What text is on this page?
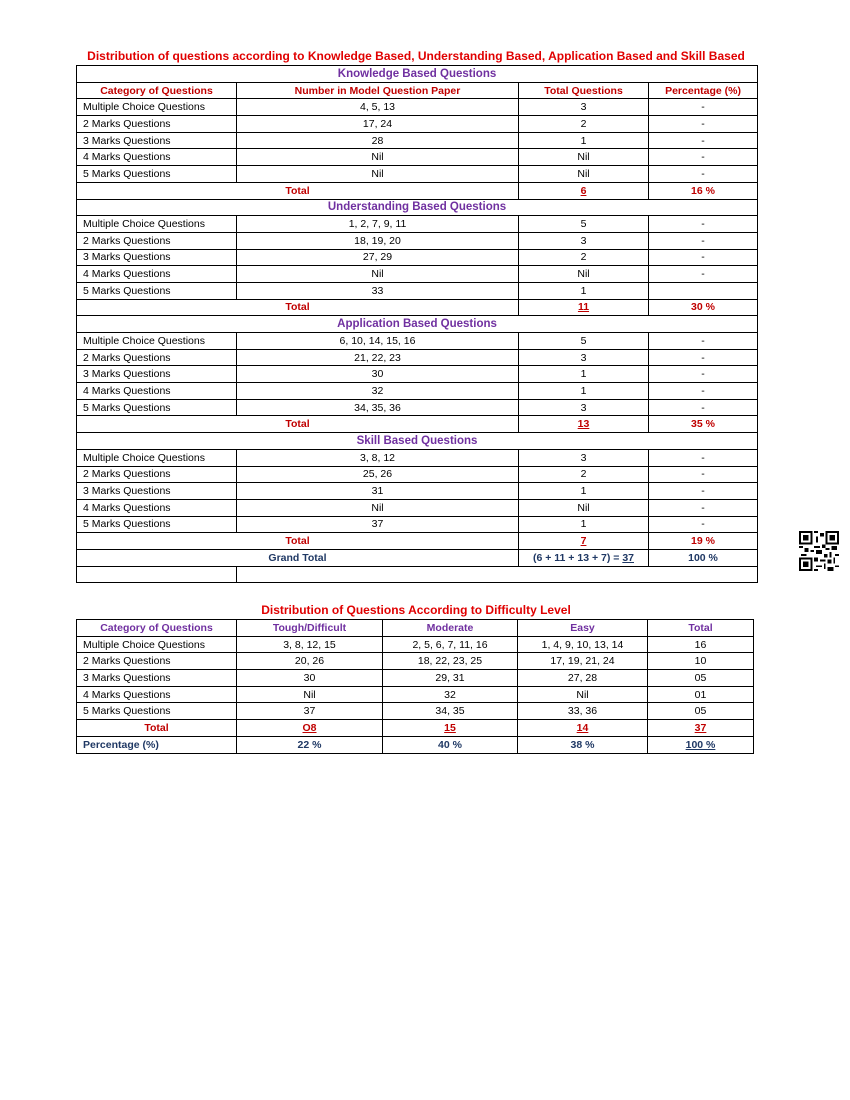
Distribution of questions according to Knowledge Based, Understanding Based, Application Based and Skill Based
Knowledge Based Questions			
Category of Questions	Number in Model Question Paper	Total Questions	Percentage (%)
Multiple Choice Questions	4, 5, 13	3	-
2 Marks Questions	17, 24	2	-
3 Marks Questions	28	1	-
4 Marks Questions	Nil	Nil	-
5 Marks Questions	Nil	Nil	-
Total		6	16 %
Understanding Based Questions			
Multiple Choice Questions	1, 2, 7, 9, 11	5	-
2 Marks Questions	18, 19, 20	3	-
3 Marks Questions	27, 29	2	-
4 Marks Questions	Nil	Nil	-
5 Marks Questions	33	1	
Total		11	30 %
Application Based Questions			
Multiple Choice Questions	6, 10, 14, 15, 16	5	-
2 Marks Questions	21, 22, 23	3	-
3 Marks Questions	30	1	-
4 Marks Questions	32	1	-
5 Marks Questions	34, 35, 36	3	-
Total		13	35 %
Skill Based Questions			
Multiple Choice Questions	3, 8, 12	3	-
2 Marks Questions	25, 26	2	-
3 Marks Questions	31	1	-
4 Marks Questions	Nil	Nil	-
5 Marks Questions	37	1	-
Total		7	19 %
Grand Total		(6 + 11 + 13 + 7) = 37	100 %

Distribution of Questions According to Difficulty Level
Category of Questions	Tough/Difficult	Moderate	Easy	Total
Multiple Choice Questions	3, 8, 12, 15	2, 5, 6, 7, 11, 16	1, 4, 9, 10, 13, 14	16
2 Marks Questions	20, 26	18, 22, 23, 25	17, 19, 21, 24	10
3 Marks Questions	30	29, 31	27, 28	05
4 Marks Questions	Nil	32	Nil	01
5 Marks Questions	37	34, 35	33, 36	05
Total	O8	15	14	37
Percentage (%)	22 %	40 %	38 %	100 %
